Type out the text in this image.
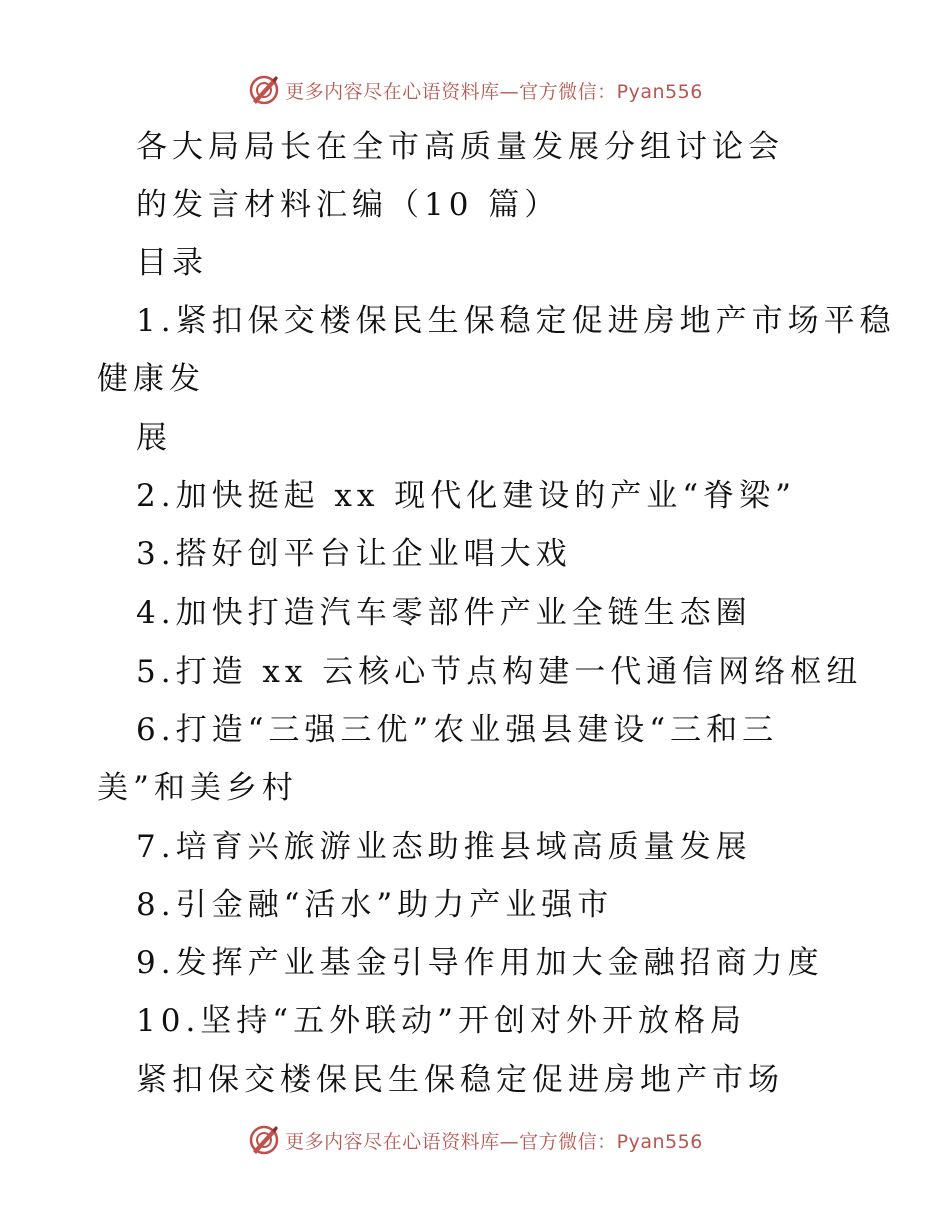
更多内容尽在心语资料库—官方微信：Pyan556
各大局局长在全市高质量发展分组讨论会
的发言材料汇编（10 篇）
目录
1.紧扣保交楼保民生保稳定促进房地产市场平稳
健康发
展
2.加快挺起 xx 现代化建设的产业“脊梁”
3.搭好创平台让企业唱大戏
4.加快打造汽车零部件产业全链生态圈
5.打造 xx 云核心节点构建一代通信网络枢纽
6.打造“三强三优”农业强县建设“三和三
美”和美乡村
7.培育兴旅游业态助推县域高质量发展
8.引金融“活水”助力产业强市
9.发挥产业基金引导作用加大金融招商力度
10.坚持“五外联动”开创对外开放格局
紧扣保交楼保民生保稳定促进房地产市场
更多内容尽在心语资料库—官方微信：Pyan556
